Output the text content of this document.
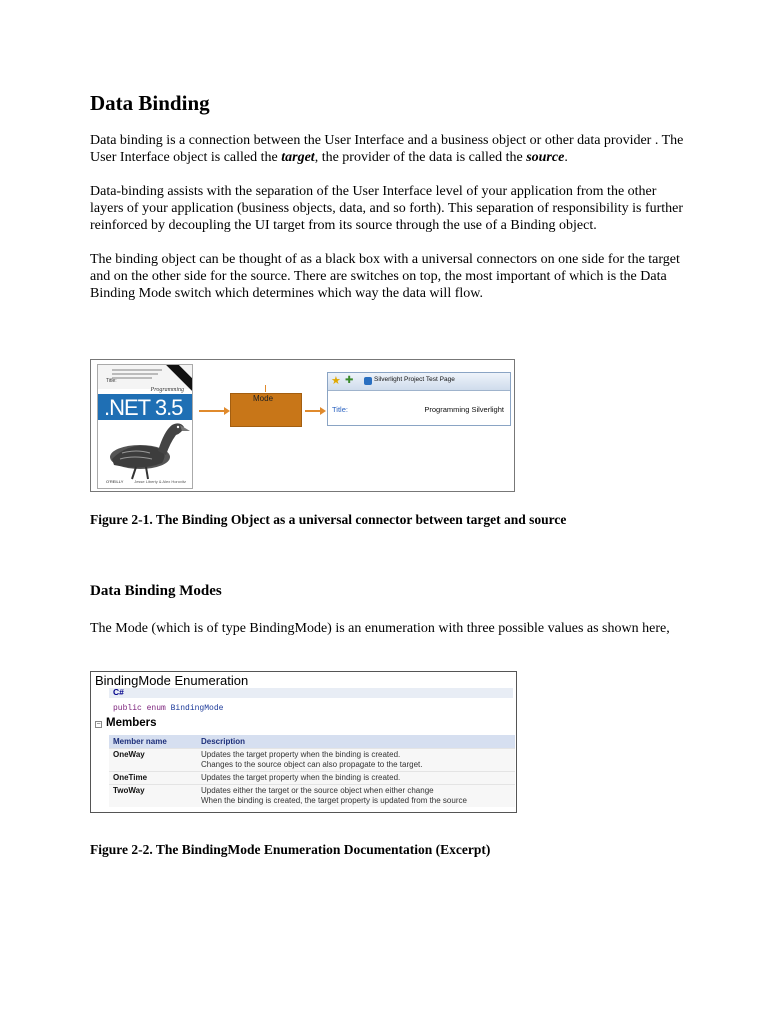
Data Binding

Data binding is a connection between the User Interface and a business object or other data provider . The User Interface object is called the target, the provider of the data is called the source.

Data-binding assists with the separation of the User Interface level of your application from the other layers of your application (business objects, data, and so forth). This separation of responsibility is further reinforced by decoupling the UI target from its source through the use of a Binding object.

The binding object can be thought of as a black box with a universal connectors on one side for the target and on the other side for the source. There are switches on top, the most important of which is the Data Binding Mode switch which determines which way the data will flow.

Title:
Programming
.NET 3.5
O'REILLY	Jesse Liberty & Alex Horovitz
Mode
★ ✚	Silverlight Project Test Page
Title:	Programming Silverlight

Figure 2-1. The Binding Object as a universal connector between target and source

Data Binding Modes

The Mode (which is of type BindingMode) is an enumeration with three possible values as shown here,

BindingMode Enumeration
C#
public enum BindingMode
− Members
Member name	Description
OneWay	Updates the target property when the binding is created.
Changes to the source object can also propagate to the target.

OneTime	Updates the target property when the binding is created.

TwoWay	Updates either the target or the source object when either change
When the binding is created, the target property is updated from the source

Figure 2-2. The BindingMode Enumeration Documentation (Excerpt)
